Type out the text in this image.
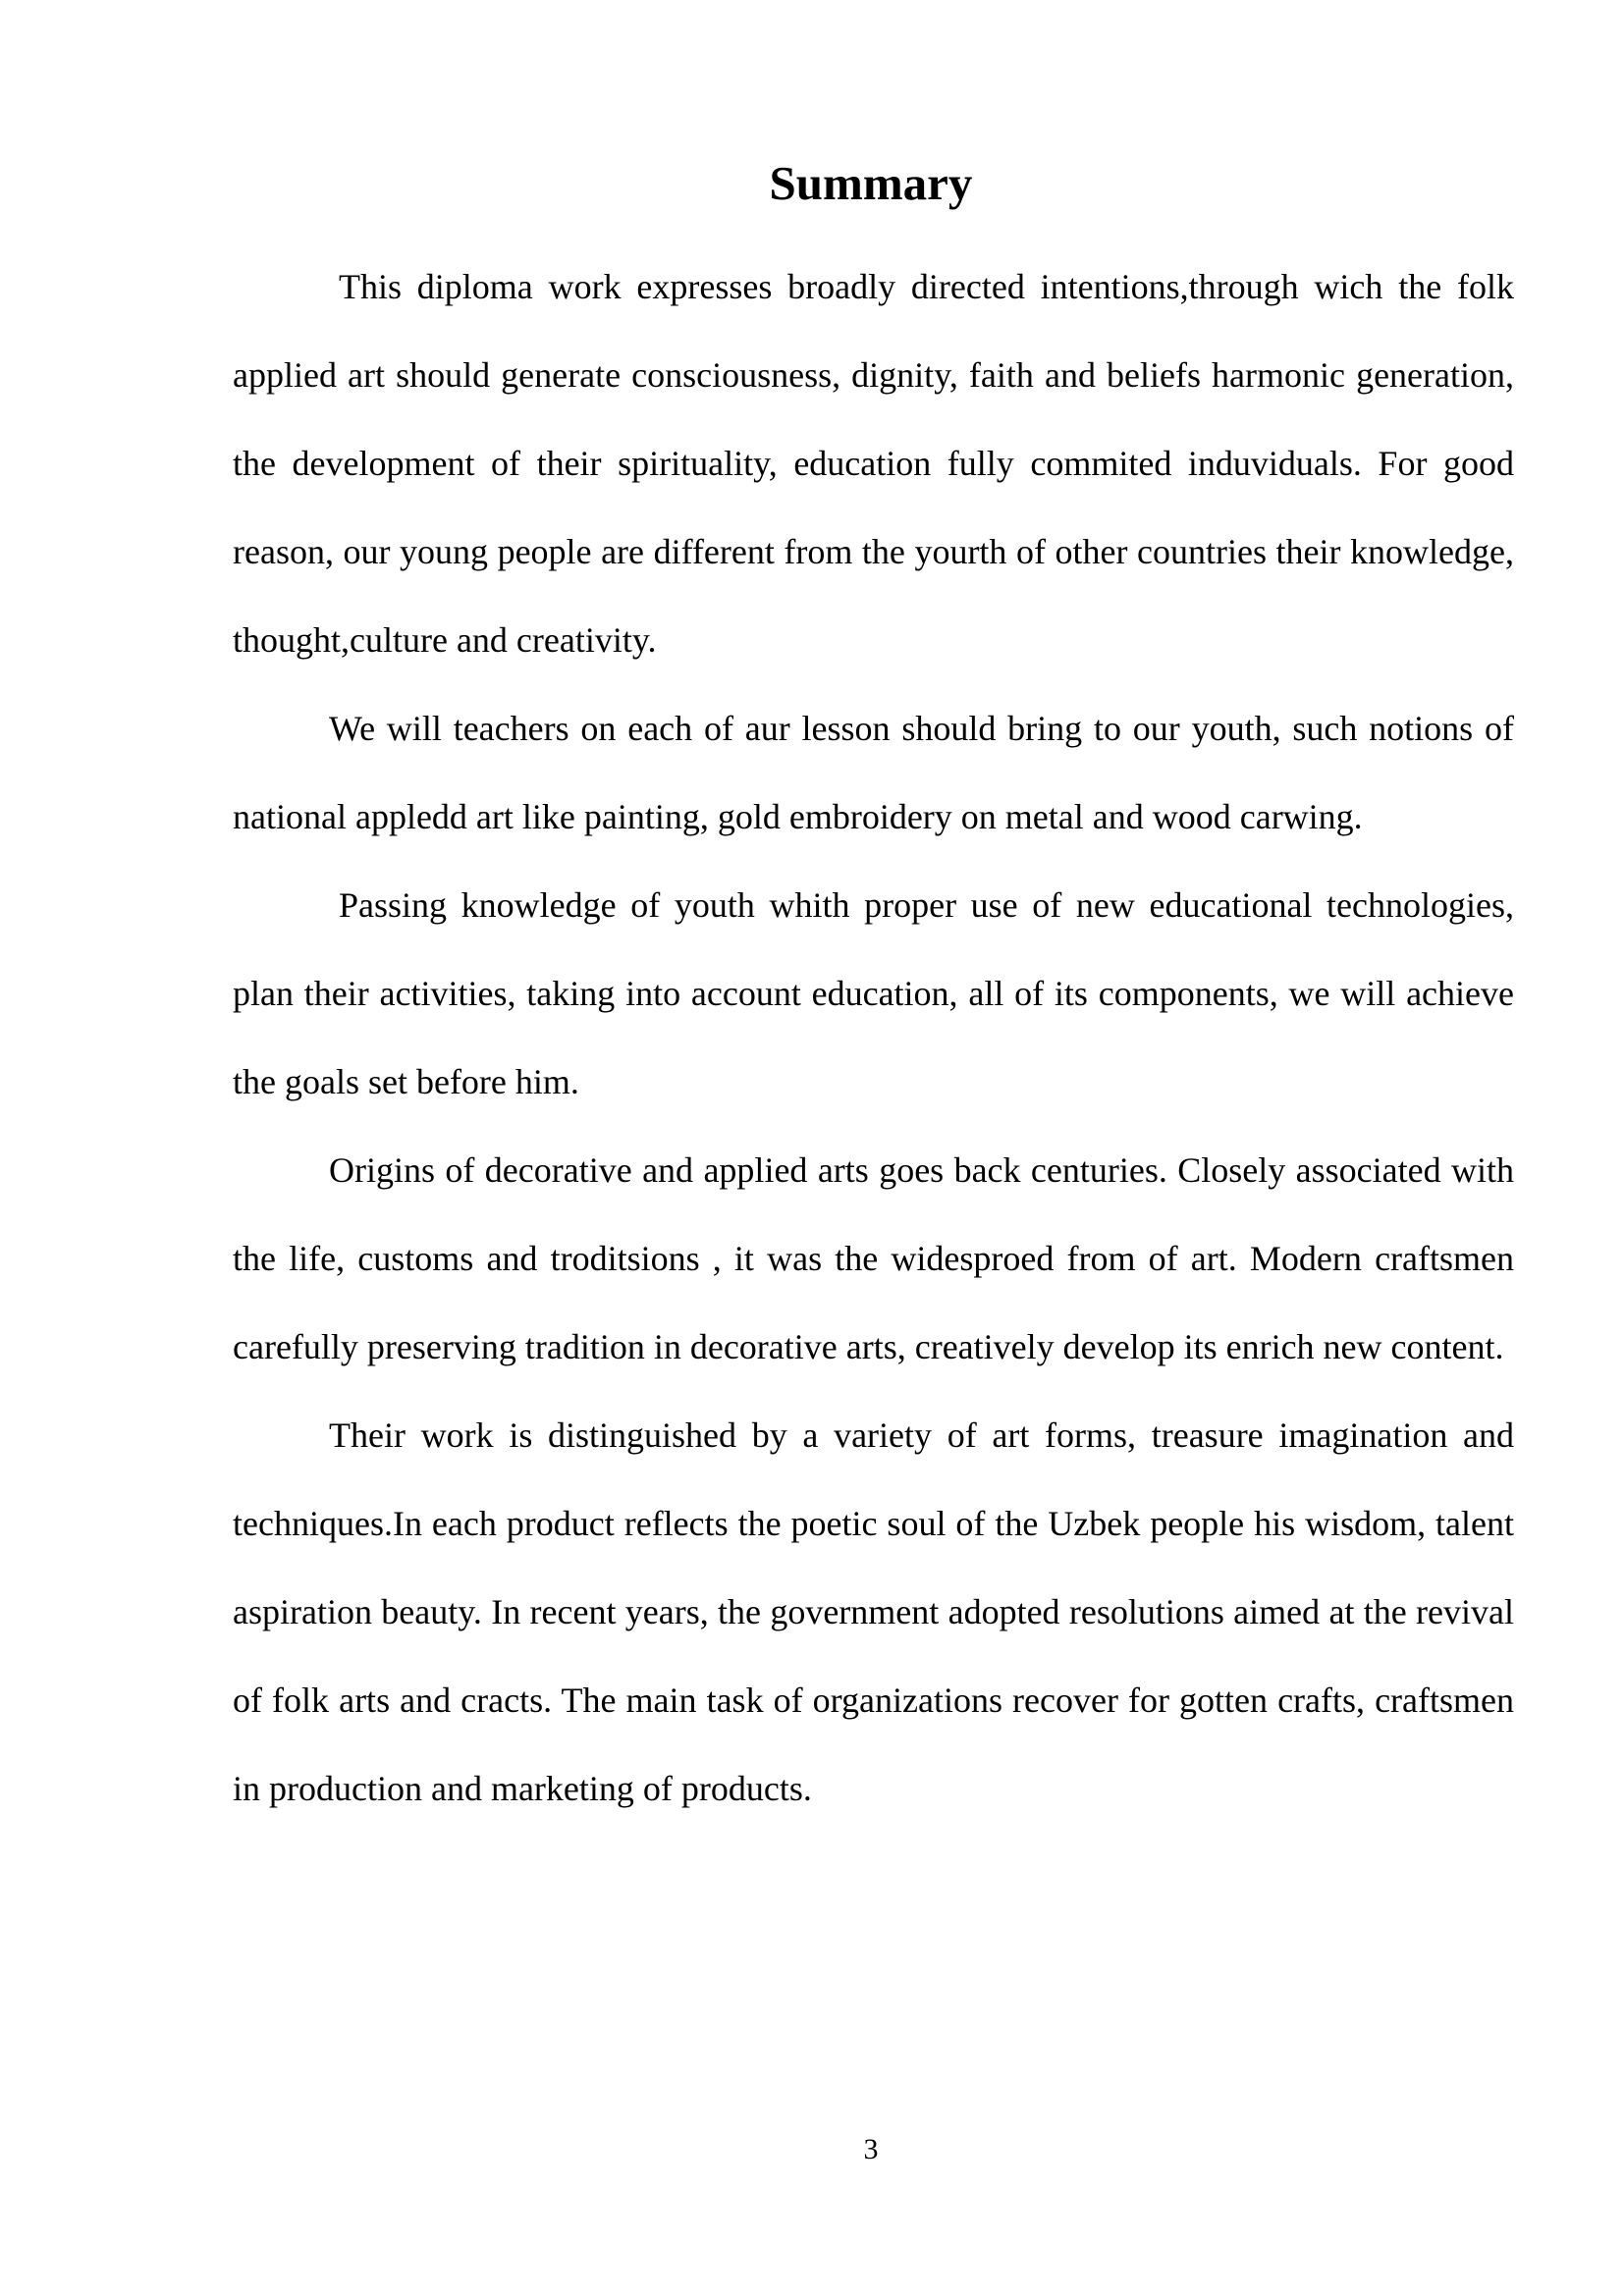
Summary

This diploma work expresses broadly directed intentions,through wich the folk applied art should generate consciousness, dignity, faith and beliefs harmonic generation, the development of their spirituality, education fully commited induviduals. For good reason, our young people are different from the yourth of other countries their knowledge, thought,culture and creativity.

We will teachers on each of aur lesson should bring to our youth, such notions of national appledd art like painting, gold embroidery on metal and wood carwing.

Passing knowledge of youth whith proper use of new educational technologies, plan their activities, taking into account education, all of its components, we will achieve the goals set before him.

Origins of decorative and applied arts goes back centuries. Closely associated with the life, customs and troditsions , it was the widesproed from of art. Modern craftsmen carefully preserving tradition in decorative arts, creatively develop its enrich new content.

Their work is distinguished by a variety of art forms, treasure imagination and techniques.In each product reflects the poetic soul of the Uzbek people his wisdom, talent aspiration beauty. In recent years, the government adopted resolutions aimed at the revival of folk arts and cracts. The main task of organizations recover for gotten crafts, craftsmen in production and marketing of products.

3
